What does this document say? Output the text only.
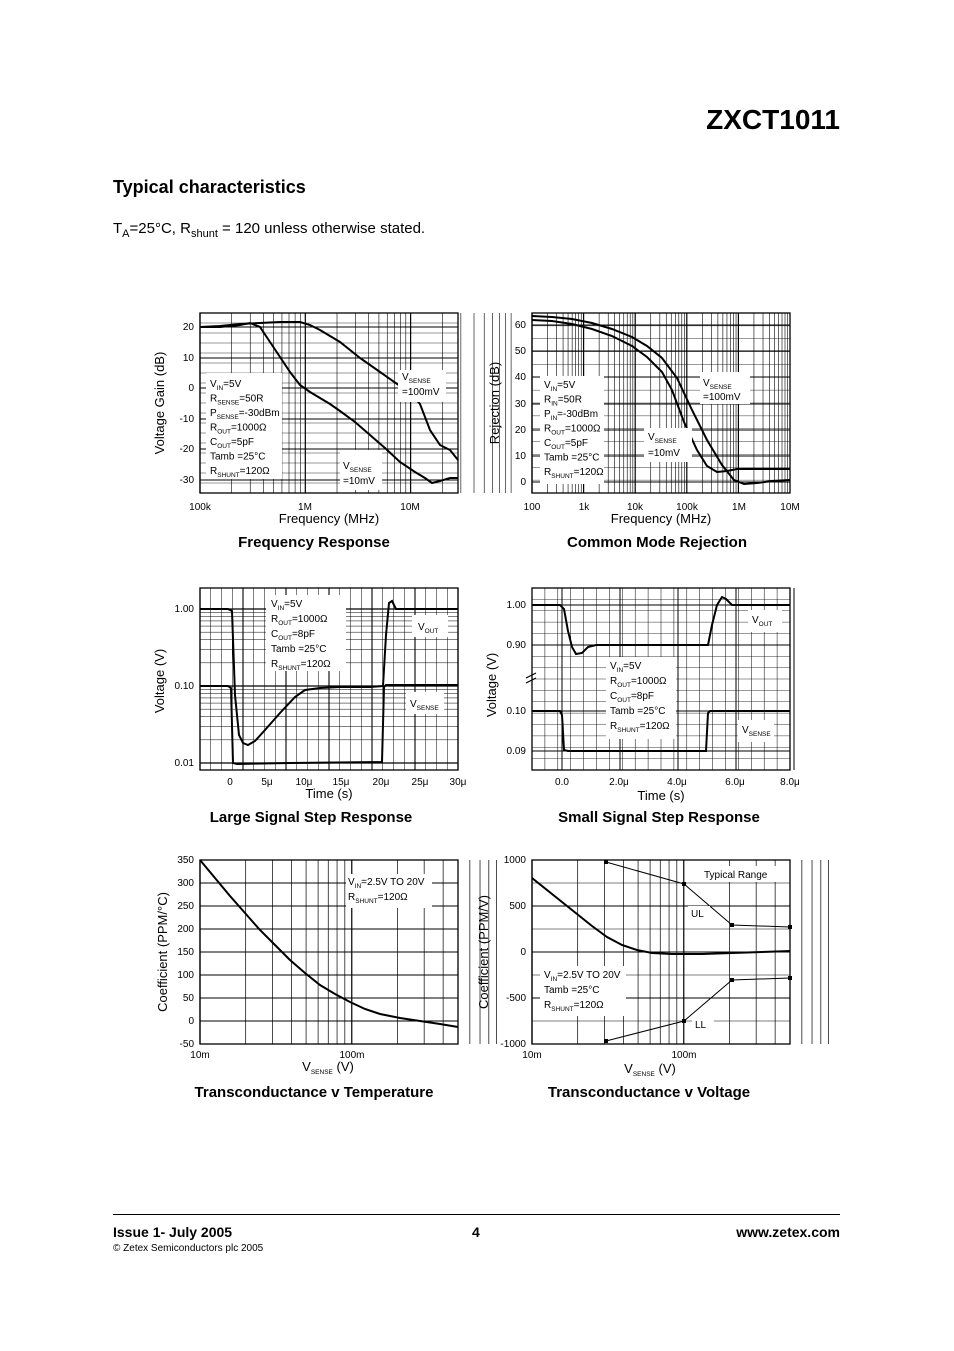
ZXCT1011
Typical characteristics
$T_A=25^\circ C$, $R_{shunt} = 120$ unless otherwise stated.
100k	1M	10M
20
10
0
-10
-20
-30
$V_{IN}=5V$
$R_{SENSE}=50R$
$P_{SENSE}=-30dBm$
$R_{OUT}=1000\Omega$
$C_{OUT}=5pF$
Tamb =25°C
$R_{SHUNT}=120\Omega$
$V_{SENSE}$
=100mV
$V_{SENSE}$
=10mV
Frequency (MHz)
Voltage Gain (dB)
Frequency Response
100	1k	10k	100k	1M	10M
60
50
40
30
20
10
0
$V_{IN}=5V$
$R_{IN}=50R$
$P_{IN}=-30dBm$
$R_{OUT}=1000\Omega$
$C_{OUT}=5pF$
Tamb =25°C
$R_{SHUNT}=120\Omega$
$V_{SENSE}$
=100mV
$V_{SENSE}$
=10mV
Frequency (MHz)
Rejection (dB)
Common Mode Rejection
0	5μ 10μ 15μ 20μ 25μ 30μ
1.00
0.10
0.01
$V_{IN}=5V$
$R_{OUT}=1000\Omega$
$C_{OUT}=8pF$
Tamb =25°C
$R_{SHUNT}=120\Omega$
$V_{OUT}$
$V_{SENSE}$
Time (s)
Voltage (V)
Large Signal Step Response
0.0	2.0μ	4.0μ	6.0μ	8.0μ
1.00
0.90
0.10
0.09
$V_{IN}=5V$
$R_{OUT}=1000\Omega$
$C_{OUT}=8pF$
Tamb =25°C
$R_{SHUNT}=120\Omega$
$V_{OUT}$
$V_{SENSE}$
Time (s)
Voltage (V)
Small Signal Step Response
10m	100m
350
300
250
200
150
100
50
0
-50
$V_{IN}=2.5V$ TO 20V
$R_{SHUNT}=120\Omega$
$V_{SENSE}$ (V)
Coefficient (PPM/°C)
Transconductance v Temperature
10m	100m
1000
500
0
-500
-1000
$V_{IN}=2.5V$ TO 20V
Tamb =25°C
$R_{SHUNT}=120\Omega$
Typical Range
UL
LL
$V_{SENSE}$ (V)
Coefficient (PPM/V)
Transconductance v Voltage
Issue 1- July 2005	4	www.zetex.com
© Zetex Semiconductors plc 2005
